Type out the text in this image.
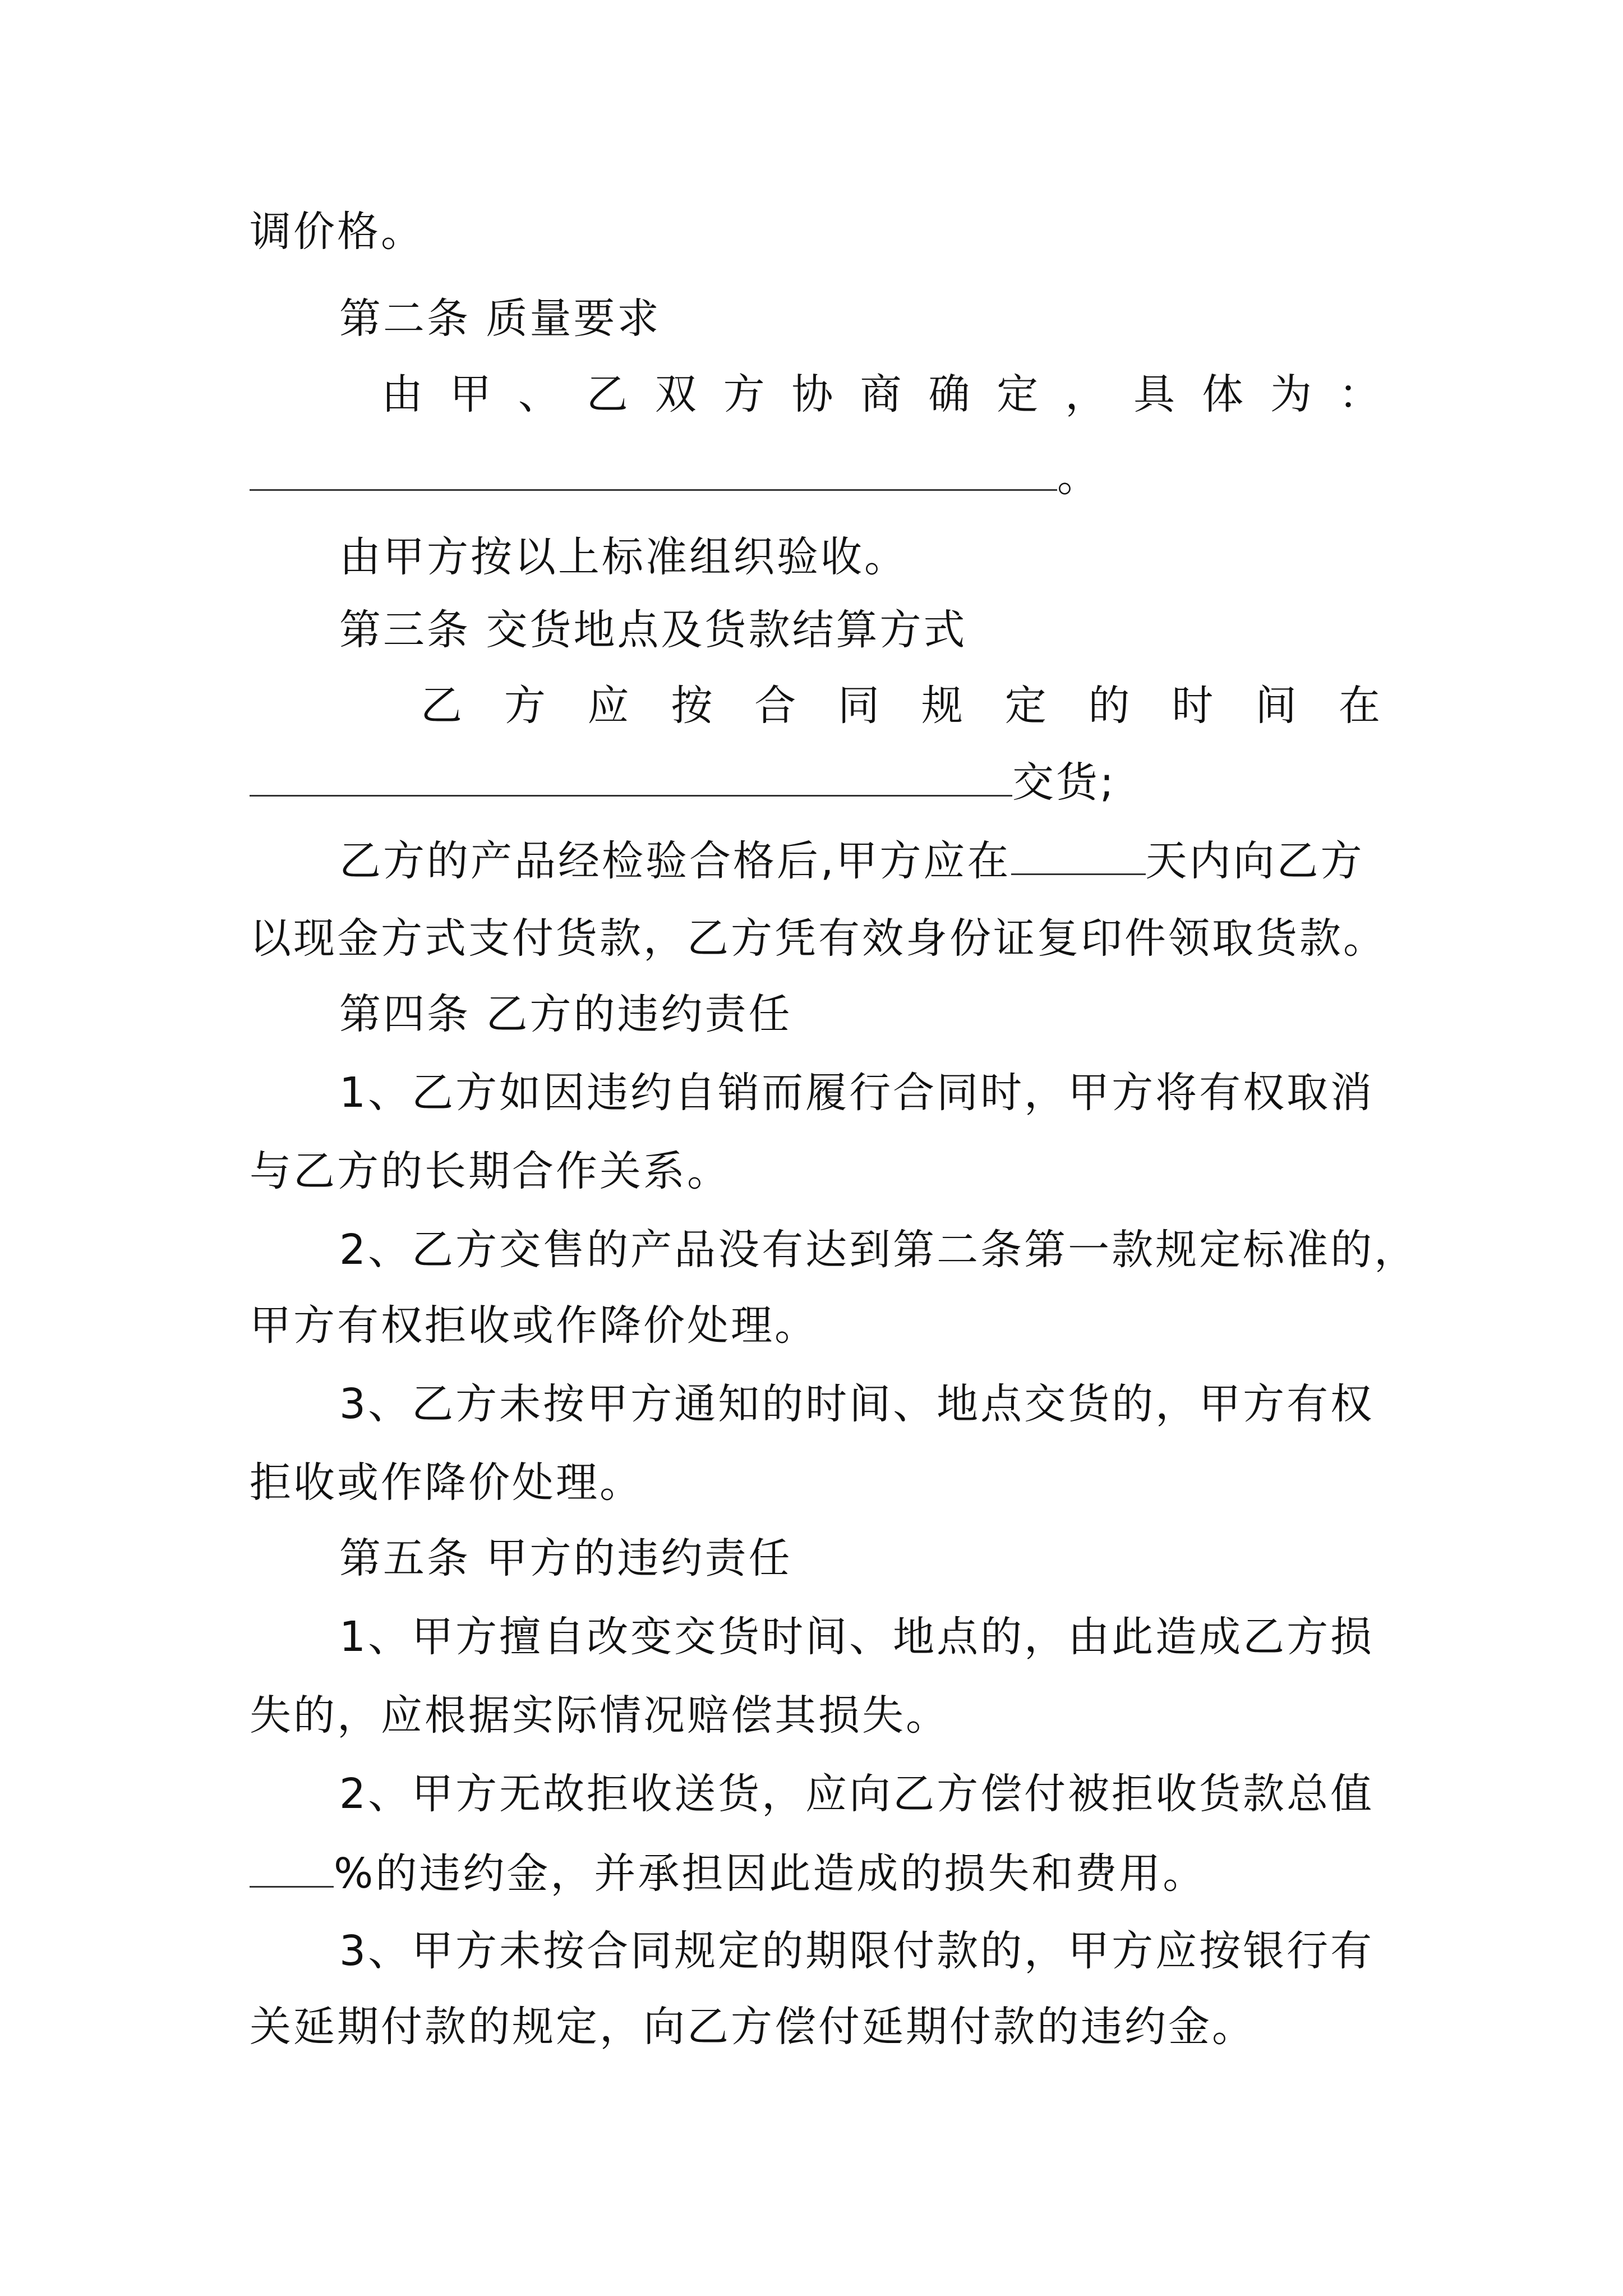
调价格。
第二条 质量要求
由 甲 、 乙 双 方 协 商 确 定 ， 具 体 为 ：
。
由甲方按以上标准组织验收。
第三条 交货地点及货款结算方式
乙 方 应 按 合 同 规 定 的 时 间 在
交货;
乙方的产品经检验合格后,甲方应在	天内向乙方
以现金方式支付货款，乙方凭有效身份证复印件领取货款。
第四条 乙方的违约责任
1、乙方如因违约自销而履行合同时，甲方将有权取消
与乙方的长期合作关系。
2、乙方交售的产品没有达到第二条第一款规定标准的，
甲方有权拒收或作降价处理。
3、乙方未按甲方通知的时间、地点交货的，甲方有权
拒收或作降价处理。
第五条 甲方的违约责任
1、甲方擅自改变交货时间、地点的，由此造成乙方损
失的，应根据实际情况赔偿其损失。
2、甲方无故拒收送货，应向乙方偿付被拒收货款总值
%的违约金，并承担因此造成的损失和费用。
3、甲方未按合同规定的期限付款的，甲方应按银行有
关延期付款的规定，向乙方偿付延期付款的违约金。
